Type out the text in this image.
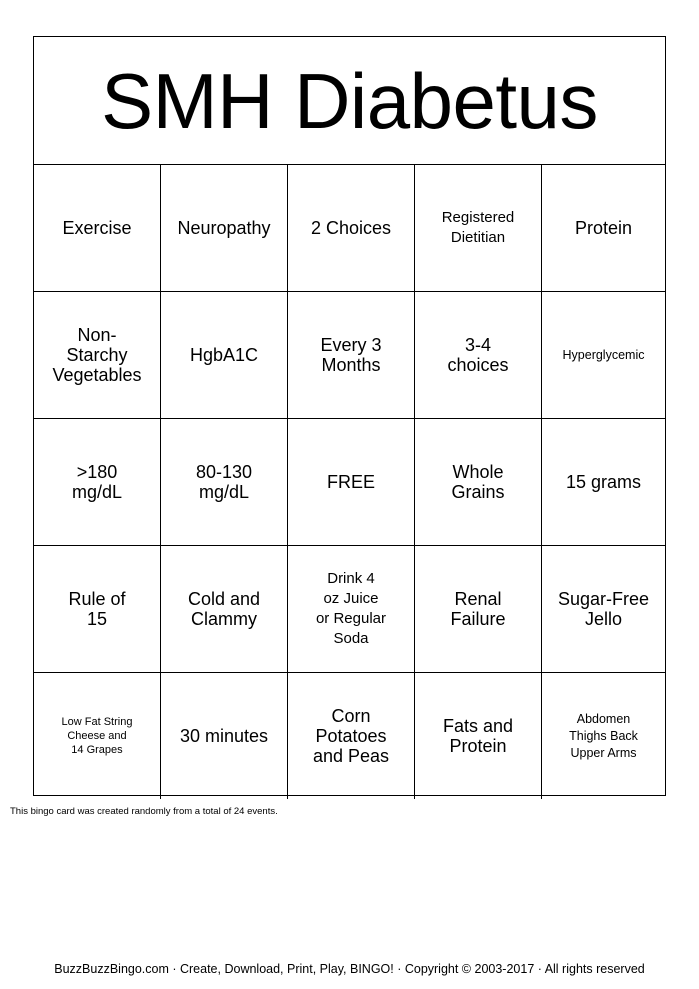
SMH Diabetus
Exercise	Neuropathy 2 Choices
Registered
Dietitian	Protein
Non-
Starchy
Vegetables
HgbA1C	Every 3
Months
3-4
choices
Hyperglycemic
>180
mg/dL
80-130
mg/dL	FREE	Whole
Grains	15 grams
Rule of
15
Cold and
Clammy
Drink 4
oz Juice
or Regular
Soda
Renal
Failure
Sugar-Free
Jello
Low Fat String
Cheese and
14 Grapes
30 minutes
Corn
Potatoes
and Peas
Fats and
Protein
Abdomen
Thighs Back
Upper Arms
This bingo card was created randomly from a total of 24 events.
BuzzBuzzBingo.com · Create, Download, Print, Play, BINGO! · Copyright © 2003-2017 · All rights reserved
